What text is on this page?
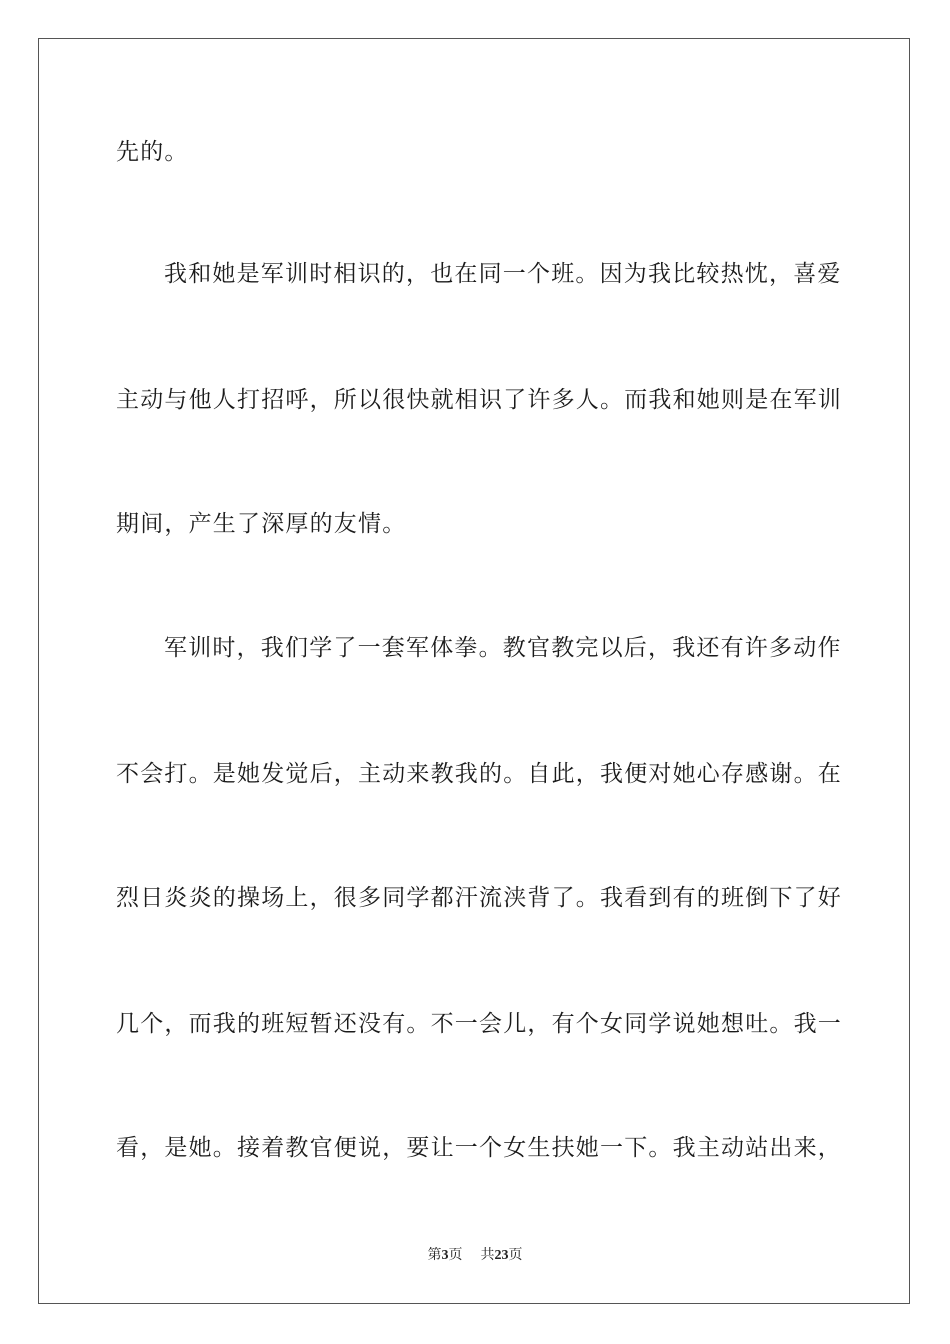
先的。
我和她是军训时相识的，也在同一个班。因为我比较热忱，喜爱
主动与他人打招呼，所以很快就相识了许多人。而我和她则是在军训
期间，产生了深厚的友情。
军训时，我们学了一套军体拳。教官教完以后，我还有许多动作
不会打。是她发觉后，主动来教我的。自此，我便对她心存感谢。在
烈日炎炎的操场上，很多同学都汗流浃背了。我看到有的班倒下了好
几个，而我的班短暂还没有。不一会儿，有个女同学说她想吐。我一
看，是她。接着教官便说，要让一个女生扶她一下。我主动站出来，
第3页 共23页
